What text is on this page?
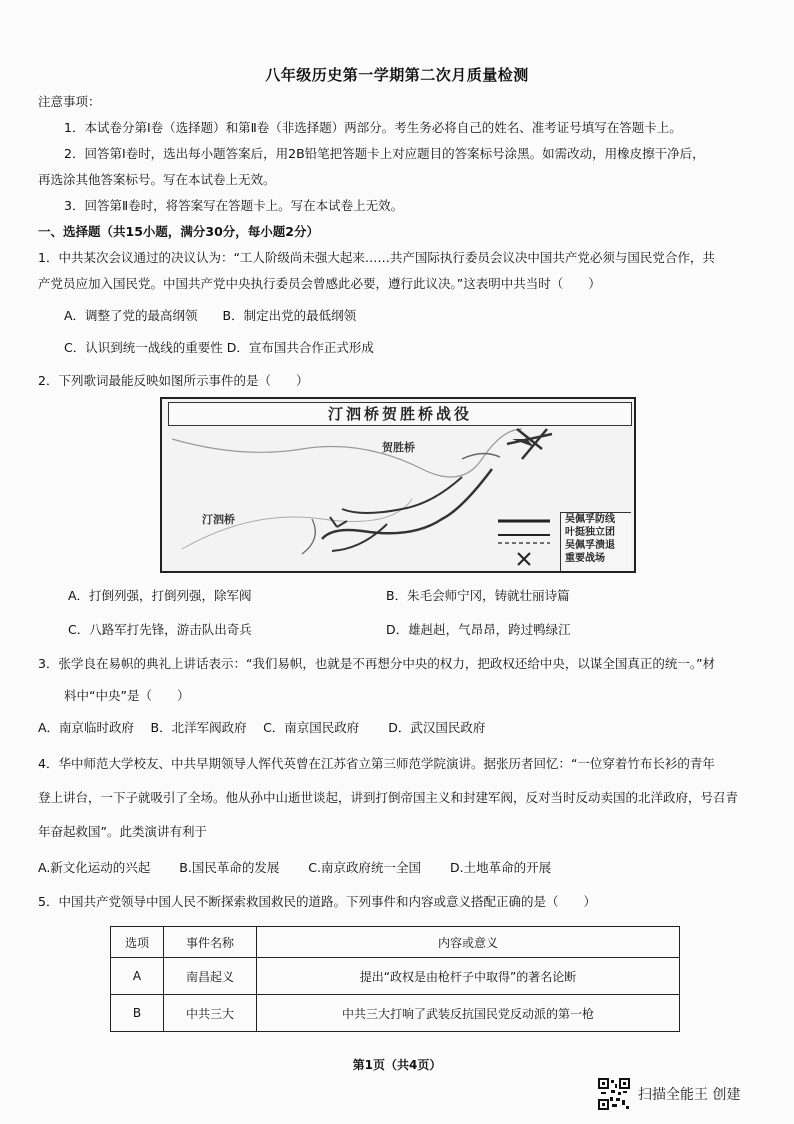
八年级历史第一学期第二次月质量检测
注意事项：
1．本试卷分第Ⅰ卷（选择题）和第Ⅱ卷（非选择题）两部分。考生务必将自己的姓名、准考证号填写在答题卡上。
2．回答第Ⅰ卷时，选出每小题答案后，用2B铅笔把答题卡上对应题目的答案标号涂黑。如需改动，用橡皮擦干净后，
再选涂其他答案标号。写在本试卷上无效。
3．回答第Ⅱ卷时，将答案写在答题卡上。写在本试卷上无效。
一、选择题（共15小题，满分30分，每小题2分）
1．中共某次会议通过的决议认为：“工人阶级尚未强大起来……共产国际执行委员会议决中国共产党必须与国民党合作，共
产党员应加入国民党。中国共产党中央执行委员会曾感此必要，遵行此议决。”这表明中共当时（　　）
A．调整了党的最高纲领　　B．制定出党的最低纲领
C．认识到统一战线的重要性 D．宣布国共合作正式形成
2．下列歌词最能反映如图所示事件的是（　　）
汀泗桥贺胜桥战役
贺胜桥
汀泗桥	吴佩孚防线
叶挺独立团
吴佩孚溃退
重要战场
A．打倒列强，打倒列强，除军阀	B．朱毛会师宁冈，铸就壮丽诗篇
C．八路军打先锋，游击队出奇兵	D．雄赳赳，气昂昂，跨过鸭绿江
3．张学良在易帜的典礼上讲话表示：“我们易帜，也就是不再想分中央的权力，把政权还给中央，以谋全国真正的统一。”材
料中“中央”是（　　）
A．南京临时政府　 B．北洋军阀政府　 C．南京国民政府　　 D．武汉国民政府
4．华中师范大学校友、中共早期领导人恽代英曾在江苏省立第三师范学院演讲。据张历者回忆：“一位穿着竹布长衫的青年
登上讲台，一下子就吸引了全场。他从孙中山逝世谈起，讲到打倒帝国主义和封建军阀，反对当时反动卖国的北洋政府，号召青
年奋起救国”。此类演讲有利于
A.新文化运动的兴起　　 B.国民革命的发展　　 C.南京政府统一全国　　 D.土地革命的开展
5．中国共产党领导中国人民不断探索救国救民的道路。下列事件和内容或意义搭配正确的是（　　）
选项	事件名称	内容或意义
A	南昌起义	提出“政权是由枪杆子中取得”的著名论断
B	中共三大	中共三大打响了武装反抗国民党反动派的第一枪
第1页（共4页）
扫描全能王 创建
